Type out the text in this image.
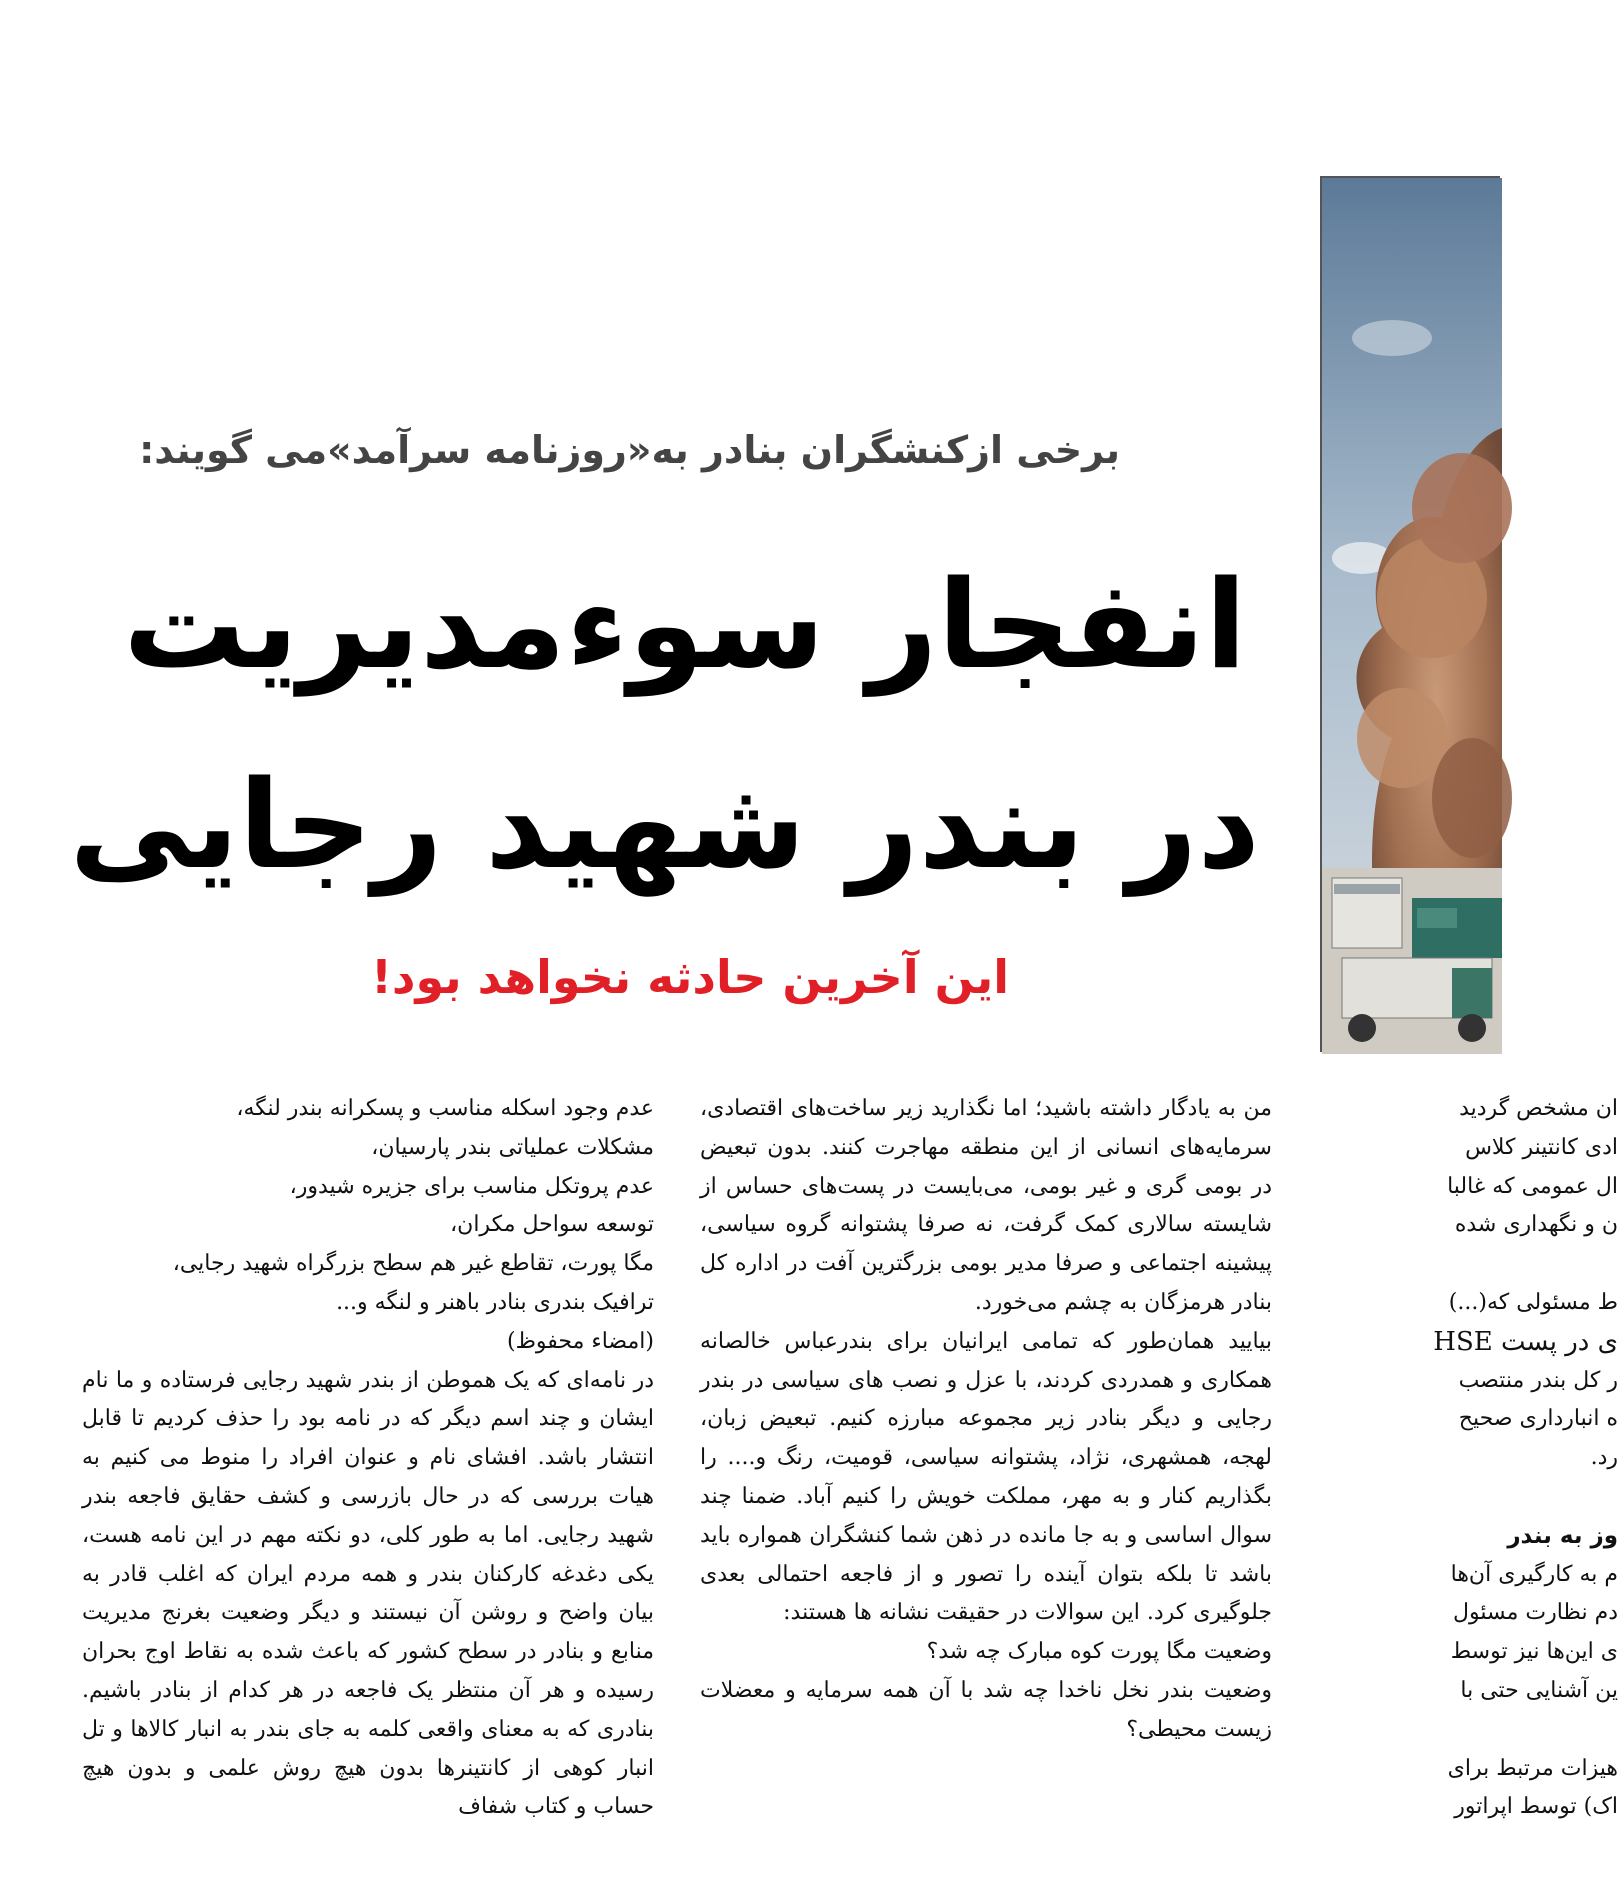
برخی ازکنشگران بنادر به«روزنامه سرآمد»می گویند:
انفجار سوءمدیریت
در بندر شهید رجایی
این آخرین حادثه نخواهد بود!

عدم وجود اسکله مناسب و پسکرانه بندر لنگه،

مشکلات عملیاتی بندر پارسیان،

عدم پروتکل مناسب برای جزیره شیدور،

توسعه سواحل مکران،

مگا پورت، تقاطع غیر هم سطح بزرگراه شهید رجایی،

ترافیک بندری بنادر باهنر و لنگه و...

(امضاء محفوظ)

در نامه‌ای که یک هموطن از بندر شهید رجایی فرستاده و ما نام ایشان و چند اسم دیگر که در نامه بود را حذف کردیم تا قابل انتشار باشد. افشای نام و عنوان افراد را منوط می کنیم به هیات بررسی که در حال بازرسی و کشف حقایق فاجعه بندر شهید رجایی. اما به طور کلی، دو نکته مهم در این نامه هست، یکی دغدغه کارکنان بندر و همه مردم ایران که اغلب قادر به بیان واضح و روشن آن نیستند و دیگر وضعیت بغرنج مدیریت منابع و بنادر در سطح کشور که باعث شده به نقاط اوج بحران رسیده و هر آن منتظر یک فاجعه در هر کدام از بنادر باشیم. بنادری که به معنای واقعی کلمه به جای بندر به انبار کالاها و تل انبار کوهی از کانتینرها بدون هیچ روش علمی و بدون هیچ حساب و کتاب شفاف

من به یادگار داشته باشید؛ اما نگذارید زیر ساخت‌های اقتصادی، سرمایه‌های انسانی از این منطقه مهاجرت کنند. بدون تبعیض در بومی گری و غیر بومی، می‌بایست در پست‌های حساس از شایسته سالاری کمک گرفت، نه صرفا پشتوانه گروه سیاسی، پیشینه اجتماعی و صرفا مدیر بومی بزرگترین آفت در اداره کل بنادر هرمزگان به چشم می‌خورد.

بیایید همان‌طور که تمامی ایرانیان برای بندرعباس خالصانه همکاری و همدردی کردند، با عزل و نصب های سیاسی در بندر رجایی و دیگر بنادر زیر مجموعه مبارزه کنیم. تبعیض زبان، لهجه، همشهری، نژاد، پشتوانه سیاسی، قومیت، رنگ و.... را بگذاریم کنار و به مهر، مملکت خویش را کنیم آباد. ضمنا چند سوال اساسی و به جا مانده در ذهن شما کنشگران همواره باید باشد تا بلکه بتوان آینده را تصور و از فاجعه احتمالی بعدی جلوگیری کرد. این سوالات در حقیقت نشانه ها هستند:

وضعیت مگا پورت کوه مبارک چه شد؟

وضعیت بندر نخل ناخدا چه شد با آن همه سرمایه و معضلات زیست محیطی؟

ان مشخص گردید
ادی کانتینر کلاس
ال عمومی که غالبا
ن و نگهداری شده
ط مسئولی که(...)
ی در پست HSE
ر کل بندر منتصب
ه انبارداری صحیح
رد.
وز به بندر
م به کارگیری آن‌ها
دم نظارت مسئول
ی این‌ها نیز توسط
ین آشنایی حتی با
هیزات مرتبط برای
اک) توسط اپراتور
